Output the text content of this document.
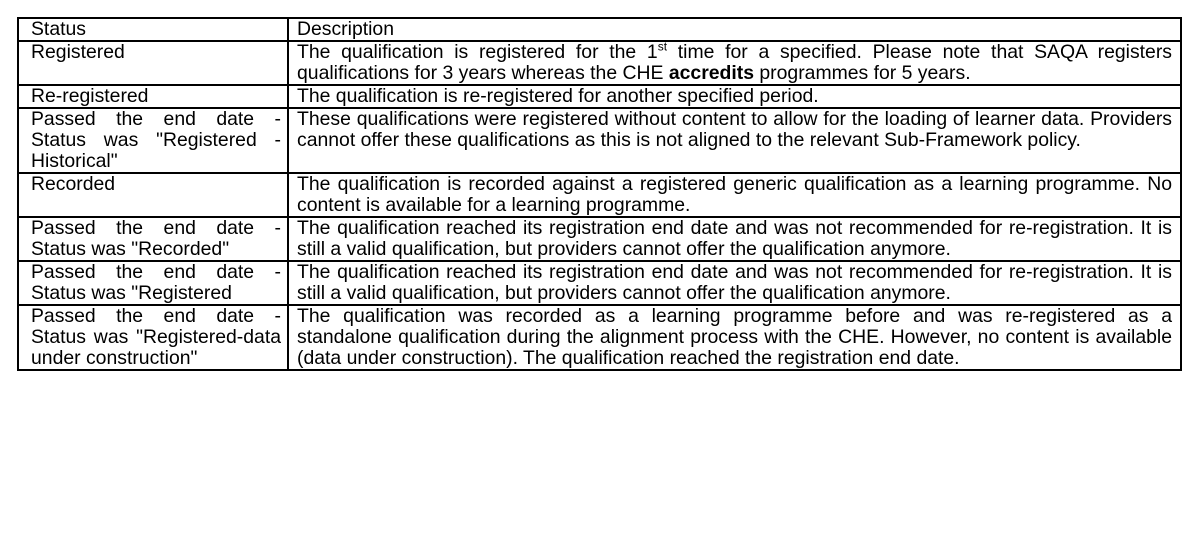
Status	Description
Registered	The qualification is registered for the 1st time for a specified. Please note that SAQA registers qualifications for 3 years whereas the CHE accredits programmes for 5 years.
Re-registered	The qualification is re-registered for another specified period.
Passed the end date - Status was "Registered - Historical"	These qualifications were registered without content to allow for the loading of learner data. Providers cannot offer these qualifications as this is not aligned to the relevant Sub-Framework policy.
Recorded	The qualification is recorded against a registered generic qualification as a learning programme. No content is available for a learning programme.
Passed the end date - Status was "Recorded"	The qualification reached its registration end date and was not recommended for re-registration. It is still a valid qualification, but providers cannot offer the qualification anymore.
Passed the end date - Status was "Registered	The qualification reached its registration end date and was not recommended for re-registration. It is still a valid qualification, but providers cannot offer the qualification anymore.
Passed the end date - Status was "Registered-data under construction"	The qualification was recorded as a learning programme before and was re-registered as a standalone qualification during the alignment process with the CHE. However, no content is available (data under construction). The qualification reached the registration end date.
